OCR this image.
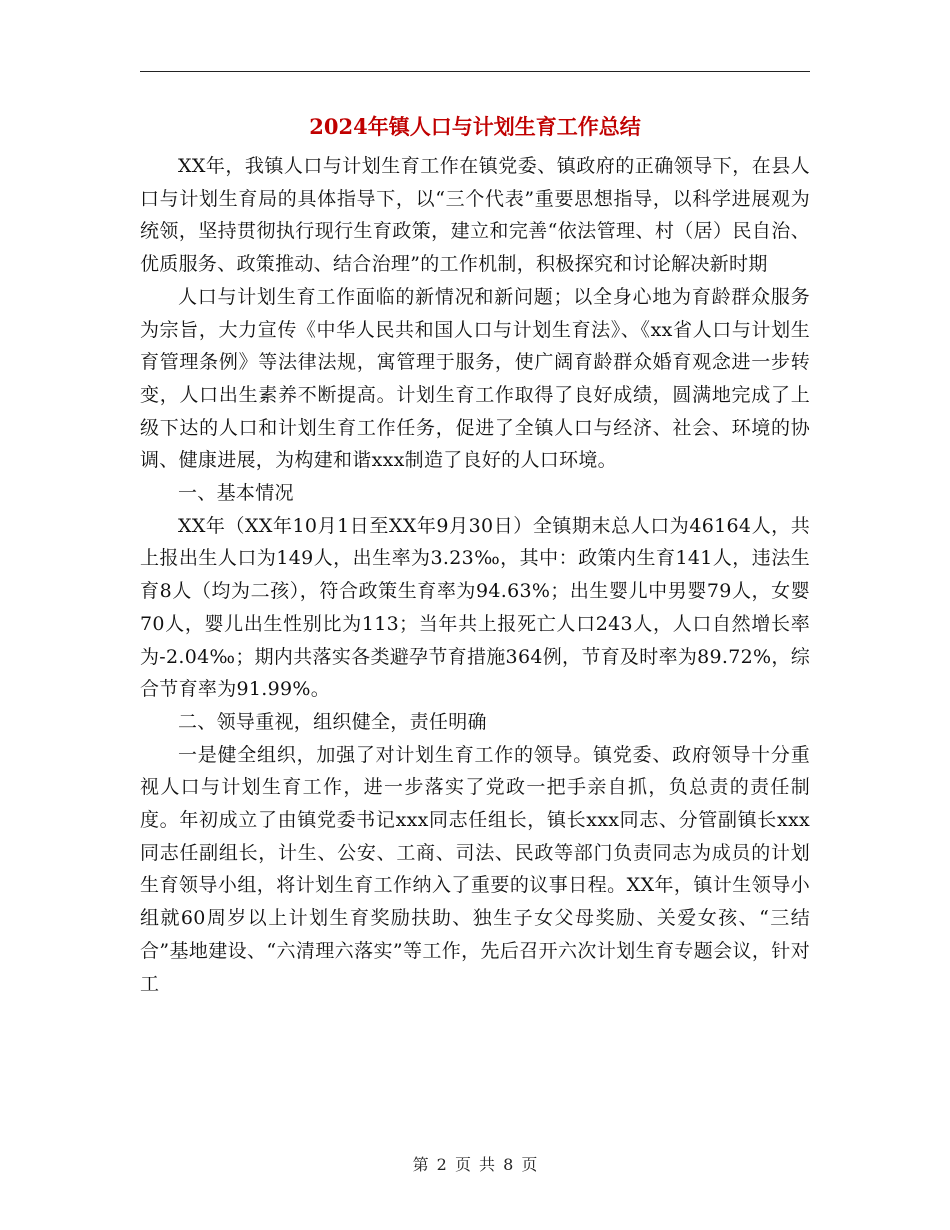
2024年镇人口与计划生育工作总结

XX年，我镇人口与计划生育工作在镇党委、镇政府的正确领导下，在县人口与计划生育局的具体指导下，以“三个代表”重要思想指导，以科学进展观为统领，坚持贯彻执行现行生育政策，建立和完善“依法管理、村（居）民自治、优质服务、政策推动、结合治理”的工作机制，积极探究和讨论解决新时期

人口与计划生育工作面临的新情况和新问题；以全身心地为育龄群众服务为宗旨，大力宣传《中华人民共和国人口与计划生育法》、《xx省人口与计划生育管理条例》等法律法规，寓管理于服务，使广阔育龄群众婚育观念进一步转变，人口出生素养不断提高。计划生育工作取得了良好成绩，圆满地完成了上级下达的人口和计划生育工作任务，促进了全镇人口与经济、社会、环境的协调、健康进展，为构建和谐xxx制造了良好的人口环境。

一、基本情况

XX年（XX年10月1日至XX年9月30日）全镇期末总人口为46164人，共上报出生人口为149人，出生率为3.23‰，其中：政策内生育141人，违法生育8人（均为二孩），符合政策生育率为94.63%；出生婴儿中男婴79人，女婴70人，婴儿出生性别比为113；当年共上报死亡人口243人，人口自然增长率为-2.04‰；期内共落实各类避孕节育措施364例，节育及时率为89.72%，综合节育率为91.99%。

二、领导重视，组织健全，责任明确

一是健全组织，加强了对计划生育工作的领导。镇党委、政府领导十分重视人口与计划生育工作，进一步落实了党政一把手亲自抓，负总责的责任制度。年初成立了由镇党委书记xxx同志任组长，镇长xxx同志、分管副镇长xxx同志任副组长，计生、公安、工商、司法、民政等部门负责同志为成员的计划生育领导小组，将计划生育工作纳入了重要的议事日程。XX年，镇计生领导小组就60周岁以上计划生育奖励扶助、独生子女父母奖励、关爱女孩、“三结合”基地建设、“六清理六落实”等工作，先后召开六次计划生育专题会议，针对工

第 2 页 共 8 页
